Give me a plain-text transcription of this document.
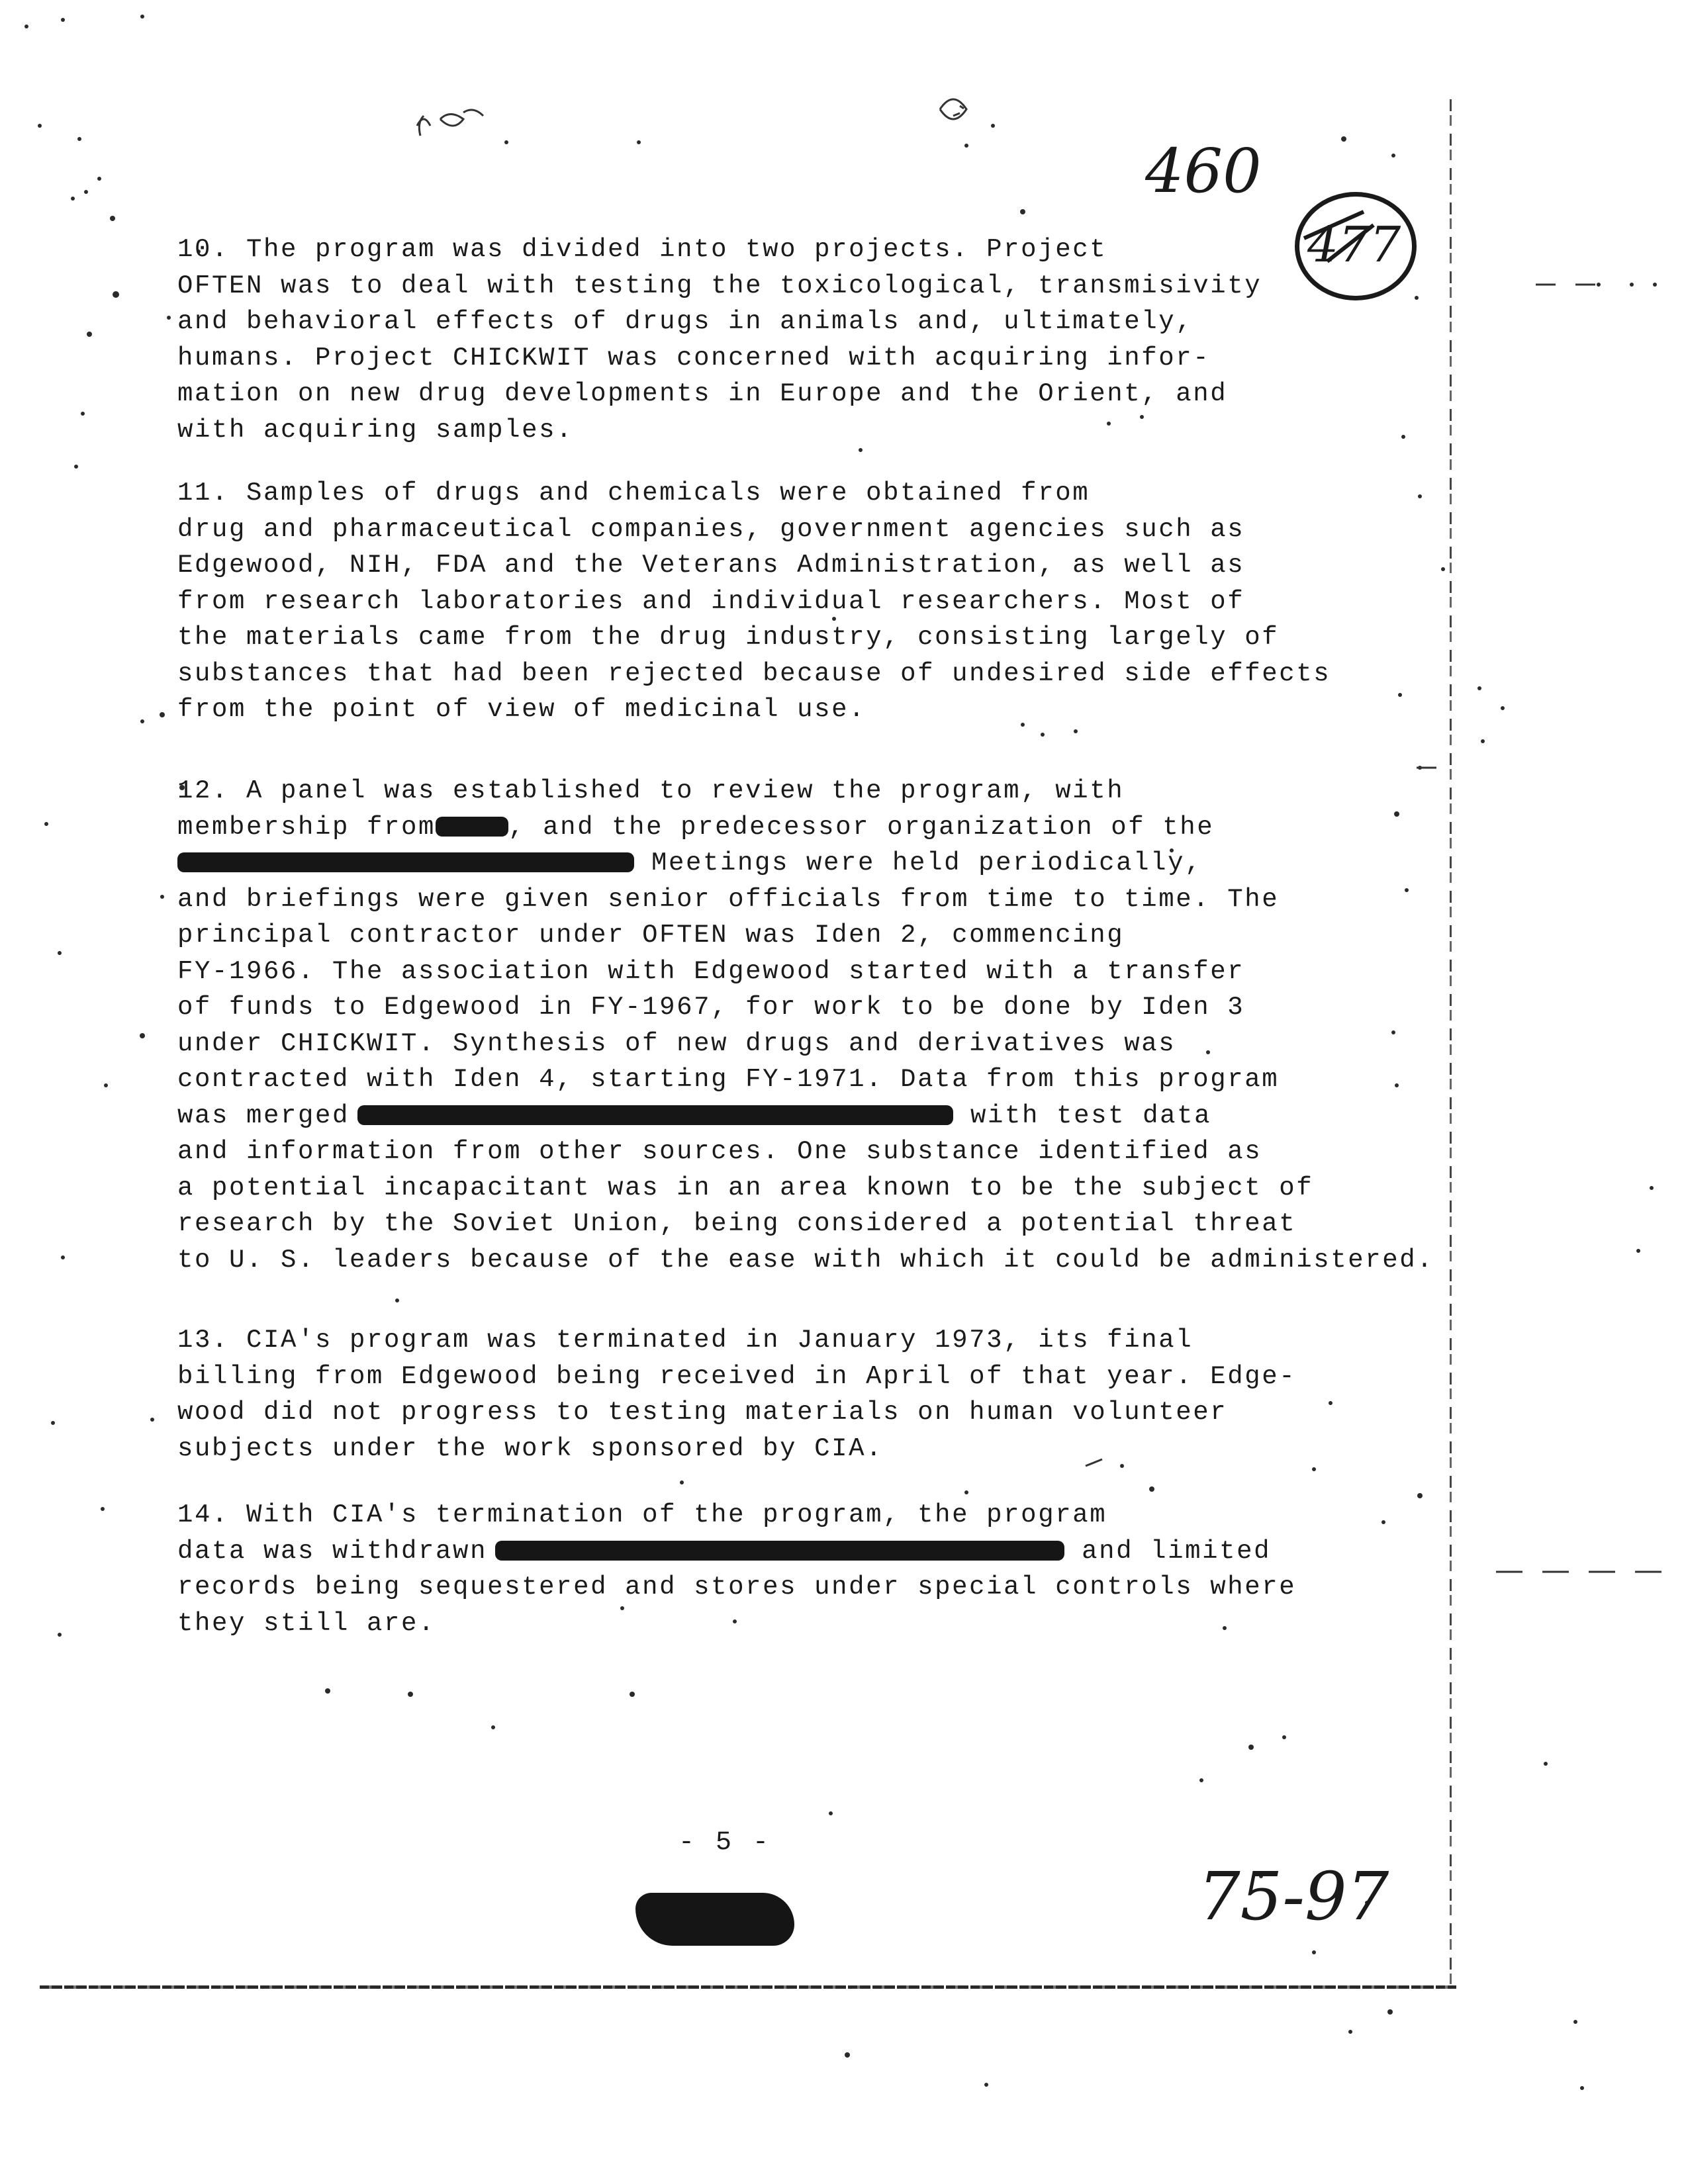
460
477
10. The program was divided into two projects. Project
OFTEN was to deal with testing the toxicological, transmisivity
and behavioral effects of drugs in animals and, ultimately,
humans. Project CHICKWIT was concerned with acquiring infor-
mation on new drug developments in Europe and the Orient, and
with acquiring samples.
11. Samples of drugs and chemicals were obtained from
drug and pharmaceutical companies, government agencies such as
Edgewood, NIH, FDA and the Veterans Administration, as well as
from research laboratories and individual researchers. Most of
the materials came from the drug industry, consisting largely of
substances that had been rejected because of undesired side effects
from the point of view of medicinal use.
12. A panel was established to review the program, with
membership from	, and the predecessor organization of the
Meetings were held periodically,
and briefings were given senior officials from time to time. The
principal contractor under OFTEN was Iden 2, commencing
FY-1966. The association with Edgewood started with a transfer
of funds to Edgewood in FY-1967, for work to be done by Iden 3
under CHICKWIT. Synthesis of new drugs and derivatives was
contracted with Iden 4, starting FY-1971. Data from this program
was merged	with test data
and information from other sources. One substance identified as
a potential incapacitant was in an area known to be the subject of
research by the Soviet Union, being considered a potential threat
to U. S. leaders because of the ease with which it could be administered.
13. CIA's program was terminated in January 1973, its final
billing from Edgewood being received in April of that year. Edge-
wood did not progress to testing materials on human volunteer
subjects under the work sponsored by CIA.
14. With CIA's termination of the program, the program
data was withdrawn	and limited
records being sequestered and stores under special controls where
they still are.
- 5 -
75-97
